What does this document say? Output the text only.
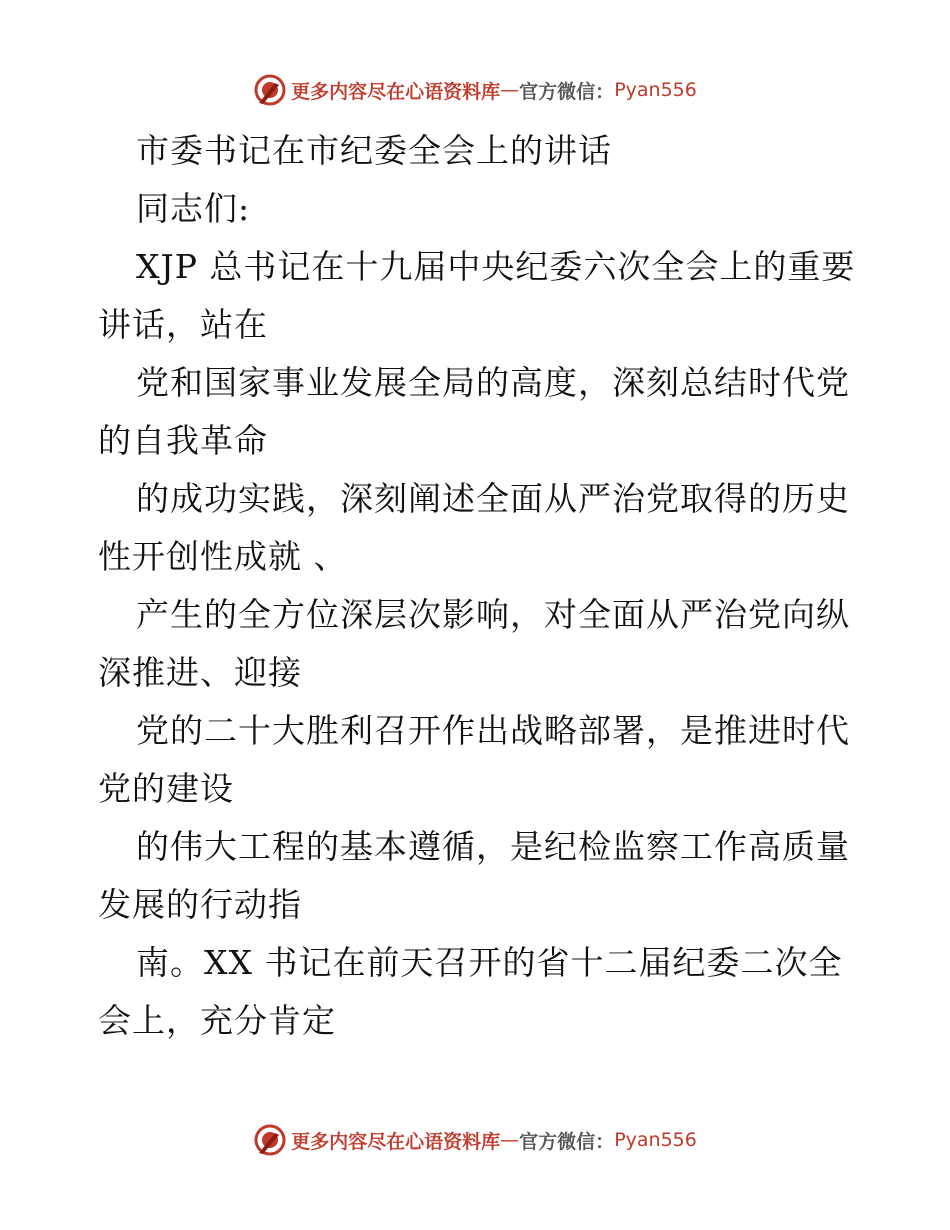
更多内容尽在心语资料库 — 官方微信： Pyan556
市委书记在市纪委全会上的讲话
同志们:
XJP 总书记在十九届中央纪委六次全会上的重要
讲话，站在
党和国家事业发展全局的高度，深刻总结时代党
的自我革命
的成功实践，深刻阐述全面从严治党取得的历史
性开创性成就 、
产生的全方位深层次影响，对全面从严治党向纵
深推进、迎接
党的二十大胜利召开作出战略部署，是推进时代
党的建设
的伟大工程的基本遵循，是纪检监察工作高质量
发展的行动指
南。XX 书记在前天召开的省十二届纪委二次全
会上，充分肯定
更多内容尽在心语资料库 — 官方微信： Pyan556
